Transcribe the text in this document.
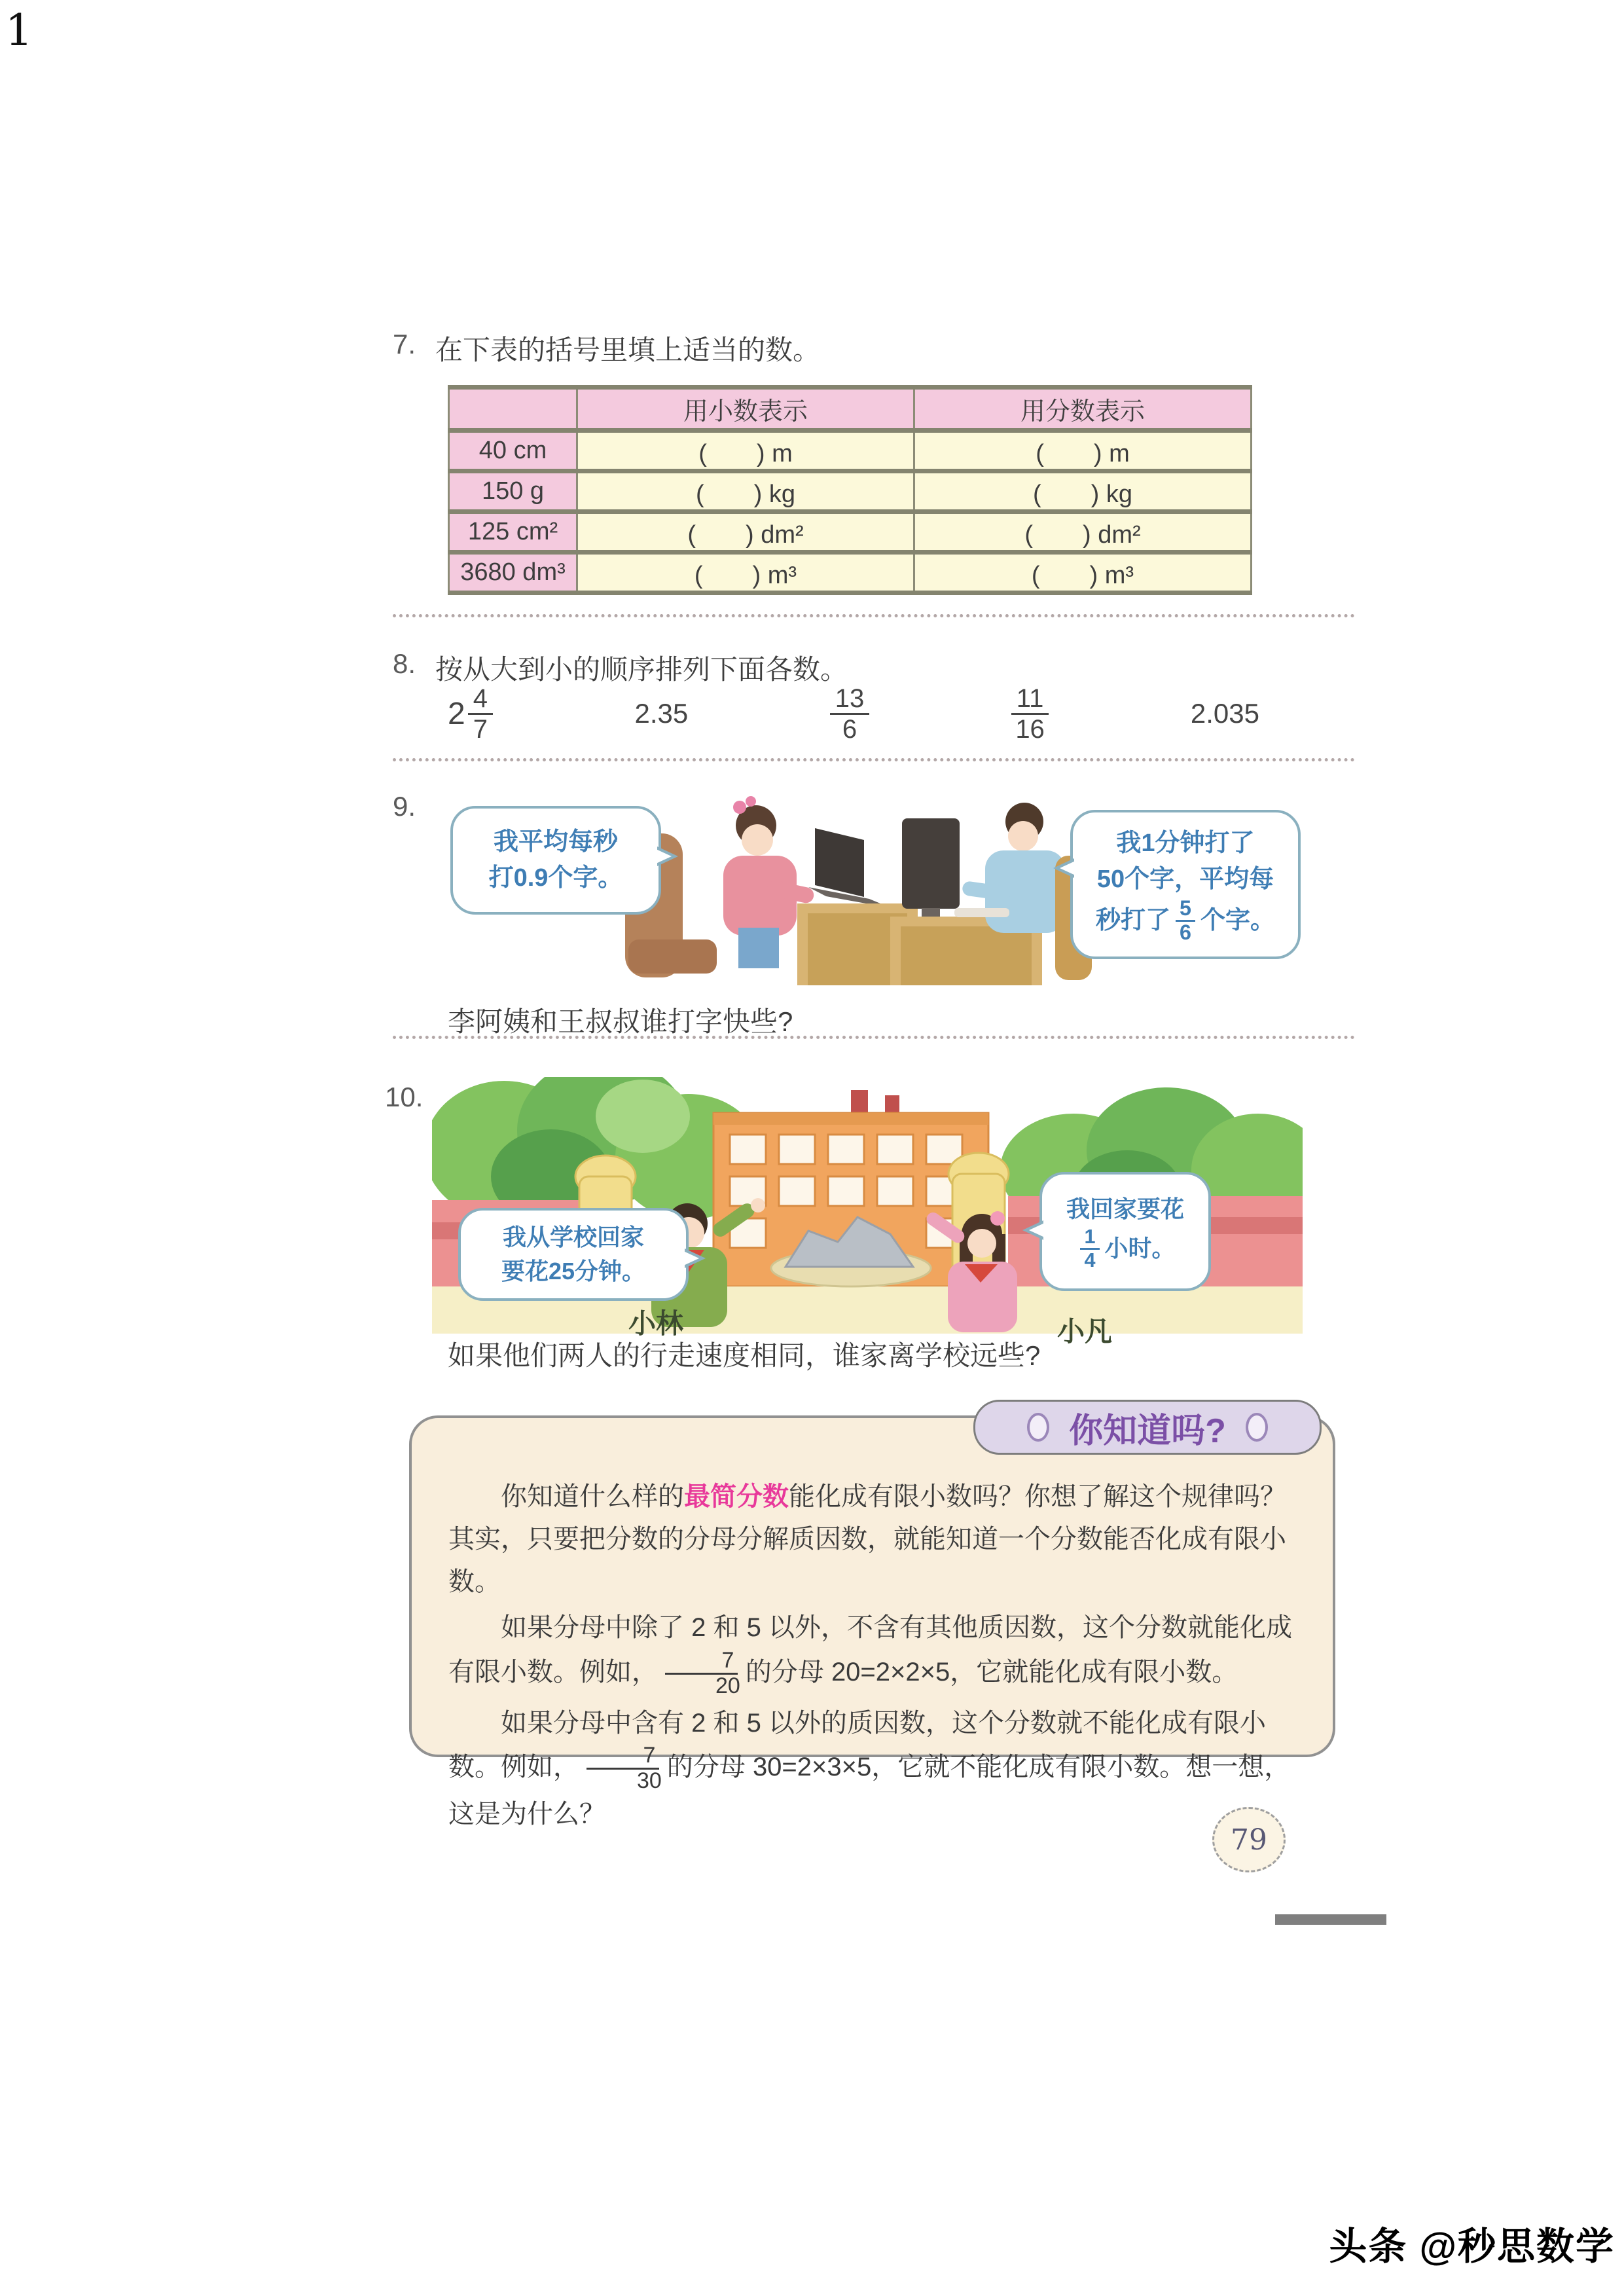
1
7. 在下表的括号里填上适当的数。
	用小数表示	用分数表示
40 cm	(　　) m	(　　) m
150 g	(　　) kg	(　　) kg
125 cm²	(　　) dm²	(　　) dm²
3680 dm³	(　　) m³	(　　) m³
8. 按从大到小的顺序排列下面各数。
$2 \frac{4}{7}$	2.35	$\frac{13}{6}$	$\frac{11}{16}$	2.035
9.
我平均每秒
打0.9个字。
我1分钟打了
50个字，平均每
秒打了 5
6 个字。
李阿姨和王叔叔谁打字快些?
10.
我从学校回家
要花25分钟。
我回家要花
1
4 小时。
小林	小凡
如果他们两人的行走速度相同，谁家离学校远些?
你知道吗?

你知道什么样的最简分数能化成有限小数吗？你想了解这个规律吗？其实，只要把分数的分母分解质因数，就能知道一个分数能否化成有限小数。

如果分母中除了 2 和 5 以外，不含有其他质因数，这个分数就能化成有限小数。例如， $\frac{7}{20}$ 的分母 20=2×2×5，它就能化成有限小数。

如果分母中含有 2 和 5 以外的质因数，这个分数就不能化成有限小数。例如， $\frac{7}{30}$ 的分母 30=2×3×5，它就不能化成有限小数。想一想，这是为什么？

79
头条 @秒思数学
